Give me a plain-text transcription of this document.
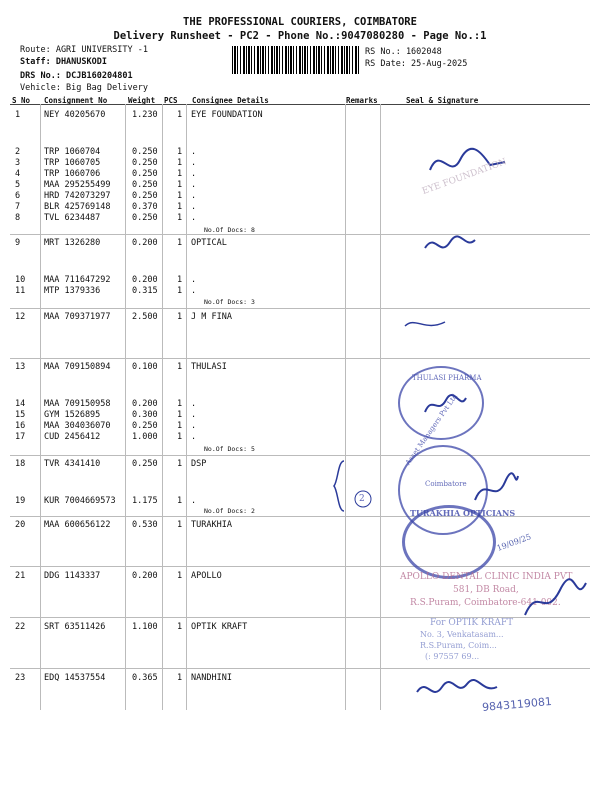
THE PROFESSIONAL COURIERS, COIMBATORE
Delivery Runsheet - PC2 - Phone No.:9047080280 - Page No.:1
Route: AGRI UNIVERSITY -1
Staff: DHANUSKODI
DRS No.: DCJB160204801
Vehicle: Big Bag Delivery
RS No.: 1602048
RS Date: 25-Aug-2025
S No Consignment No	Weight PCS Consignee Details	Remarks	Seal & Signature
1	NEY 40205670	1.230 1 EYE FOUNDATION
2	TRP 1060704	0.250 1 .
3	TRP 1060705	0.250 1 .
4	TRP 1060706	0.250 1 .
5	MAA 295255499	0.250 1 .
6	HRD 742073297	0.250 1 .
7	BLR 425769148	0.370 1 .
8	TVL 6234487	0.250 1 .
9	MRT 1326280	0.200 1 OPTICAL
10 MAA 711647292	0.200 1 .
11 MTP 1379336	0.315 1 .
12 MAA 709371977	2.500 1 J M FINA
13 MAA 709150894	0.100 1 THULASI
14 MAA 709150958	0.200 1 .
15 GYM 1526895	0.300 1 .
16 MAA 304036070	0.250 1 .
17 CUD 2456412	1.000 1 .
18 TVR 4341410	0.250 1 DSP
19 KUR 7004669573 1.175 1 .
20 MAA 600656122	0.530 1 TURAKHIA
21 DDG 1143337	0.200 1 APOLLO
22 SRT 63511426	1.100 1 OPTIK KRAFT
23 EDQ 14537554	0.365 1 NANDHINI
No.Of Docs: 8
No.Of Docs: 3
No.Of Docs: 5
No.Of Docs: 2
EYE FOUNDATION
THULASI PHARMA
2
Asset Managers Pvt Ltd
Coimbatore
TURAKHIA OPTICIANS
19/09/25
APOLLO DENTAL CLINIC INDIA PVT
581, DB Road,
R.S.Puram, Coimbatore-641 002.
For OPTIK KRAFT
No. 3, Venkatasam...
R.S.Puram, Coim...
(: 97557 69...
9843119081
